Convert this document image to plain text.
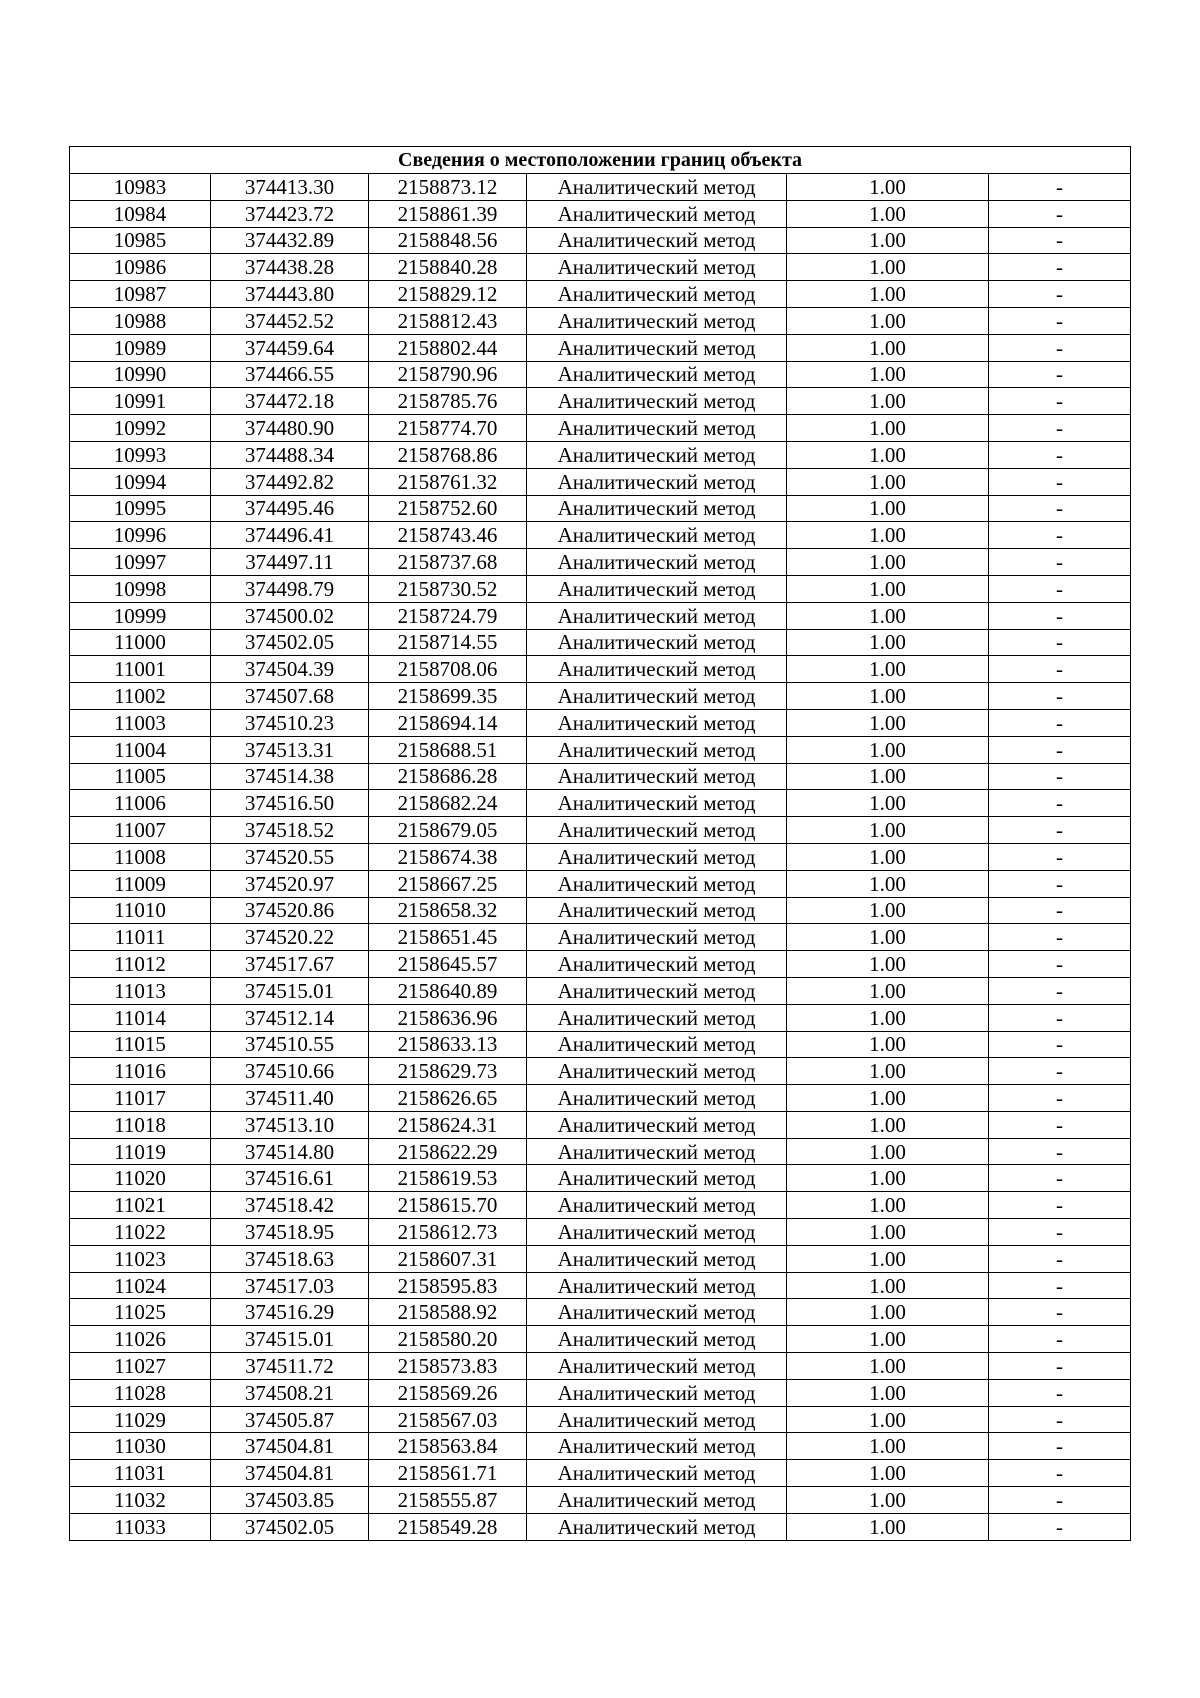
Сведения о местоположении границ объекта					
10983	374413.30	2158873.12	Аналитический метод	1.00	-
10984	374423.72	2158861.39	Аналитический метод	1.00	-
10985	374432.89	2158848.56	Аналитический метод	1.00	-
10986	374438.28	2158840.28	Аналитический метод	1.00	-
10987	374443.80	2158829.12	Аналитический метод	1.00	-
10988	374452.52	2158812.43	Аналитический метод	1.00	-
10989	374459.64	2158802.44	Аналитический метод	1.00	-
10990	374466.55	2158790.96	Аналитический метод	1.00	-
10991	374472.18	2158785.76	Аналитический метод	1.00	-
10992	374480.90	2158774.70	Аналитический метод	1.00	-
10993	374488.34	2158768.86	Аналитический метод	1.00	-
10994	374492.82	2158761.32	Аналитический метод	1.00	-
10995	374495.46	2158752.60	Аналитический метод	1.00	-
10996	374496.41	2158743.46	Аналитический метод	1.00	-
10997	374497.11	2158737.68	Аналитический метод	1.00	-
10998	374498.79	2158730.52	Аналитический метод	1.00	-
10999	374500.02	2158724.79	Аналитический метод	1.00	-
11000	374502.05	2158714.55	Аналитический метод	1.00	-
11001	374504.39	2158708.06	Аналитический метод	1.00	-
11002	374507.68	2158699.35	Аналитический метод	1.00	-
11003	374510.23	2158694.14	Аналитический метод	1.00	-
11004	374513.31	2158688.51	Аналитический метод	1.00	-
11005	374514.38	2158686.28	Аналитический метод	1.00	-
11006	374516.50	2158682.24	Аналитический метод	1.00	-
11007	374518.52	2158679.05	Аналитический метод	1.00	-
11008	374520.55	2158674.38	Аналитический метод	1.00	-
11009	374520.97	2158667.25	Аналитический метод	1.00	-
11010	374520.86	2158658.32	Аналитический метод	1.00	-
11011	374520.22	2158651.45	Аналитический метод	1.00	-
11012	374517.67	2158645.57	Аналитический метод	1.00	-
11013	374515.01	2158640.89	Аналитический метод	1.00	-
11014	374512.14	2158636.96	Аналитический метод	1.00	-
11015	374510.55	2158633.13	Аналитический метод	1.00	-
11016	374510.66	2158629.73	Аналитический метод	1.00	-
11017	374511.40	2158626.65	Аналитический метод	1.00	-
11018	374513.10	2158624.31	Аналитический метод	1.00	-
11019	374514.80	2158622.29	Аналитический метод	1.00	-
11020	374516.61	2158619.53	Аналитический метод	1.00	-
11021	374518.42	2158615.70	Аналитический метод	1.00	-
11022	374518.95	2158612.73	Аналитический метод	1.00	-
11023	374518.63	2158607.31	Аналитический метод	1.00	-
11024	374517.03	2158595.83	Аналитический метод	1.00	-
11025	374516.29	2158588.92	Аналитический метод	1.00	-
11026	374515.01	2158580.20	Аналитический метод	1.00	-
11027	374511.72	2158573.83	Аналитический метод	1.00	-
11028	374508.21	2158569.26	Аналитический метод	1.00	-
11029	374505.87	2158567.03	Аналитический метод	1.00	-
11030	374504.81	2158563.84	Аналитический метод	1.00	-
11031	374504.81	2158561.71	Аналитический метод	1.00	-
11032	374503.85	2158555.87	Аналитический метод	1.00	-
11033	374502.05	2158549.28	Аналитический метод	1.00	-
